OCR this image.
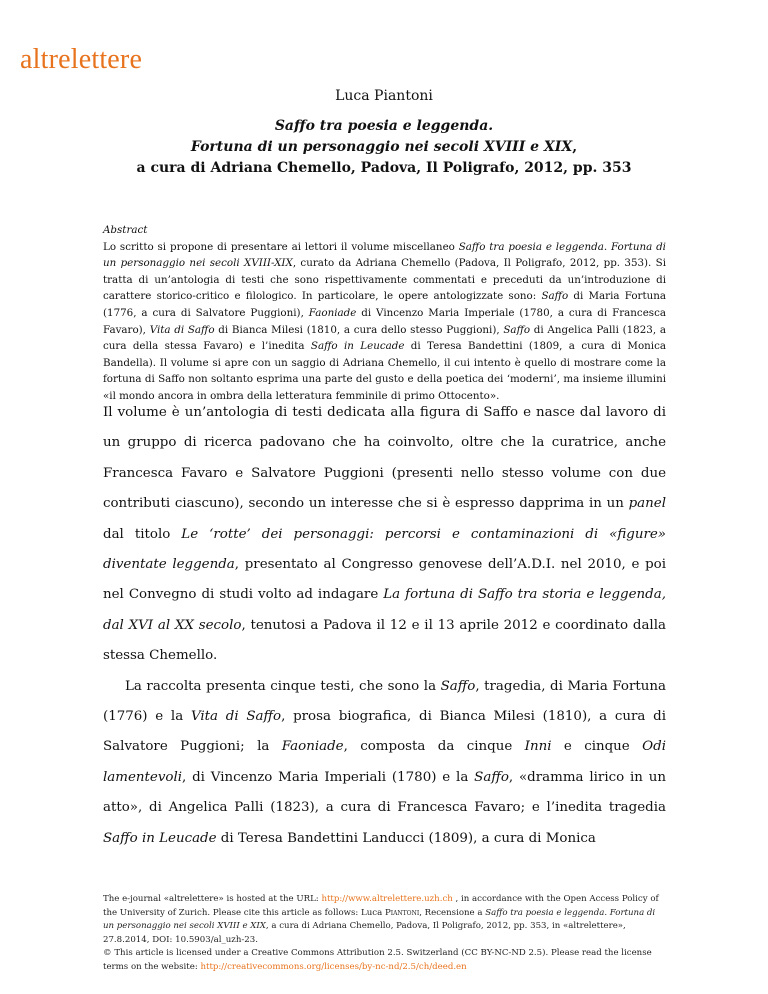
altrelettere
Luca Piantoni
Saffo tra poesia e leggenda.
Fortuna di un personaggio nei secoli XVIII e XIX,
a cura di Adriana Chemello, Padova, Il Poligrafo, 2012, pp. 353
Abstract
Lo scritto si propone di presentare ai lettori il volume miscellaneo Saffo tra poesia e leggenda. Fortuna di un personaggio nei secoli XVIII-XIX, curato da Adriana Chemello (Padova, Il Poligrafo, 2012, pp. 353). Si tratta di un’antologia di testi che sono rispettivamente commentati e preceduti da un’introduzione di carattere storico-critico e filologico. In particolare, le opere antologizzate sono: Saffo di Maria Fortuna (1776, a cura di Salvatore Puggioni), Faoniade di Vincenzo Maria Imperiale (1780, a cura di Francesca Favaro), Vita di Saffo di Bianca Milesi (1810, a cura dello stesso Puggioni), Saffo di Angelica Palli (1823, a cura della stessa Favaro) e l’inedita Saffo in Leucade di Teresa Bandettini (1809, a cura di Monica Bandella). Il volume si apre con un saggio di Adriana Chemello, il cui intento è quello di mostrare come la fortuna di Saffo non soltanto esprima una parte del gusto e della poetica dei ‘moderni’, ma insieme illumini «il mondo ancora in ombra della letteratura femminile di primo Ottocento».

Il volume è un’antologia di testi dedicata alla figura di Saffo e nasce dal lavoro di un gruppo di ricerca padovano che ha coinvolto, oltre che la curatrice, anche Francesca Favaro e Salvatore Puggioni (presenti nello stesso volume con due contributi ciascuno), secondo un interesse che si è espresso dapprima in un panel dal titolo Le ‘rotte’ dei personaggi: percorsi e contaminazioni di «figure» diventate leggenda, presentato al Congresso genovese dell’A.D.I. nel 2010, e poi nel Convegno di studi volto ad indagare La fortuna di Saffo tra storia e leggenda, dal XVI al XX secolo, tenutosi a Padova il 12 e il 13 aprile 2012 e coordinato dalla stessa Chemello.

La raccolta presenta cinque testi, che sono la Saffo, tragedia, di Maria Fortuna (1776) e la Vita di Saffo, prosa biografica, di Bianca Milesi (1810), a cura di Salvatore Puggioni; la Faoniade, composta da cinque Inni e cinque Odi lamentevoli, di Vincenzo Maria Imperiali (1780) e la Saffo, «dramma lirico in un atto», di Angelica Palli (1823), a cura di Francesca Favaro; e l’inedita tragedia Saffo in Leucade di Teresa Bandettini Landucci (1809), a cura di Monica

The e-journal «altrelettere» is hosted at the URL: http://www.altrelettere.uzh.ch , in accordance with the Open Access Policy of the University of Zurich. Please cite this article as follows: Luca Piantoni, Recensione a Saffo tra poesia e leggenda. Fortuna di un personaggio nei secoli XVIII e XIX, a cura di Adriana Chemello, Padova, Il Poligrafo, 2012, pp. 353, in «altrelettere», 27.8.2014, DOI: 10.5903/al_uzh-23.

© This article is licensed under a Creative Commons Attribution 2.5. Switzerland (CC BY-NC-ND 2.5). Please read the license terms on the website: http://creativecommons.org/licenses/by-nc-nd/2.5/ch/deed.en
